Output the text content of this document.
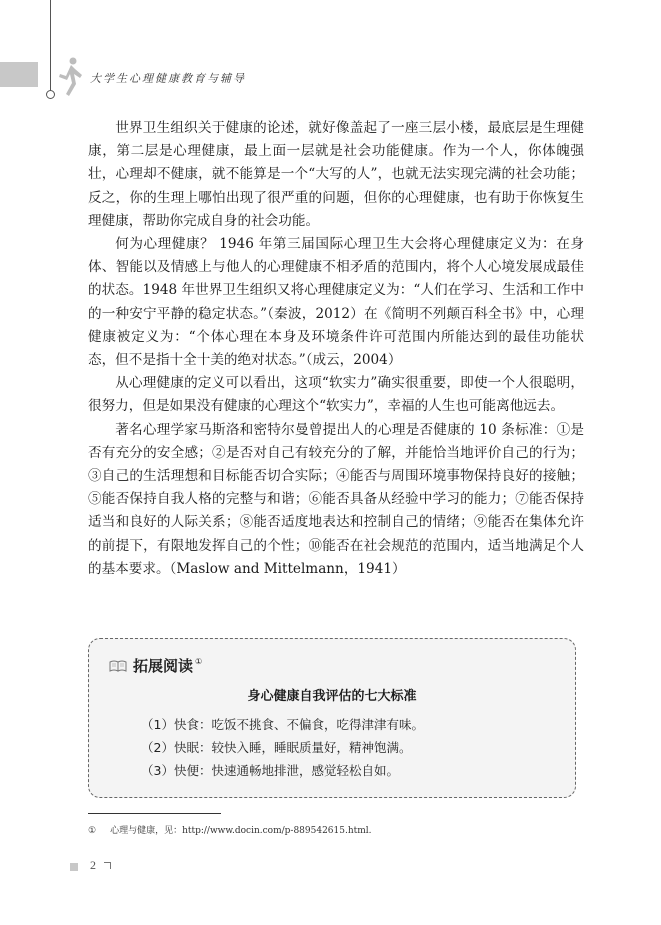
大学生心理健康教育与辅导

世界卫生组织关于健康的论述，就好像盖起了一座三层小楼，最底层是生理健康，第二层是心理健康，最上面一层就是社会功能健康。作为一个人，你体魄强壮，心理却不健康，就不能算是一个“大写的人”，也就无法实现完满的社会功能；反之，你的生理上哪怕出现了很严重的问题，但你的心理健康，也有助于你恢复生理健康，帮助你完成自身的社会功能。

何为心理健康？ 1946 年第三届国际心理卫生大会将心理健康定义为：在身体、智能以及情感上与他人的心理健康不相矛盾的范围内，将个人心境发展成最佳的状态。1948 年世界卫生组织又将心理健康定义为：“人们在学习、生活和工作中的一种安宁平静的稳定状态。”（秦波，2012）在《简明不列颠百科全书》中，心理健康被定义为：“个体心理在本身及环境条件许可范围内所能达到的最佳功能状态，但不是指十全十美的绝对状态。”（成云，2004）

从心理健康的定义可以看出，这项“软实力”确实很重要，即使一个人很聪明，很努力，但是如果没有健康的心理这个“软实力”，幸福的人生也可能离他远去。

著名心理学家马斯洛和密特尔曼曾提出人的心理是否健康的 10 条标准：①是否有充分的安全感；②是否对自己有较充分的了解，并能恰当地评价自己的行为；③自己的生活理想和目标能否切合实际；④能否与周围环境事物保持良好的接触；⑤能否保持自我人格的完整与和谐；⑥能否具备从经验中学习的能力；⑦能否保持适当和良好的人际关系；⑧能否适度地表达和控制自己的情绪；⑨能否在集体允许的前提下，有限地发挥自己的个性；⑩能否在社会规范的范围内，适当地满足个人的基本要求。（Maslow and Mittelmann，1941）

拓展阅读 ①
身心健康自我评估的七大标准
（1）快食：吃饭不挑食、不偏食，吃得津津有味。
（2）快眠：较快入睡，睡眠质量好，精神饱满。
（3）快便：快速通畅地排泄，感觉轻松自如。
① 心理与健康，见：http://www.docin.com/p-889542615.html.
2
